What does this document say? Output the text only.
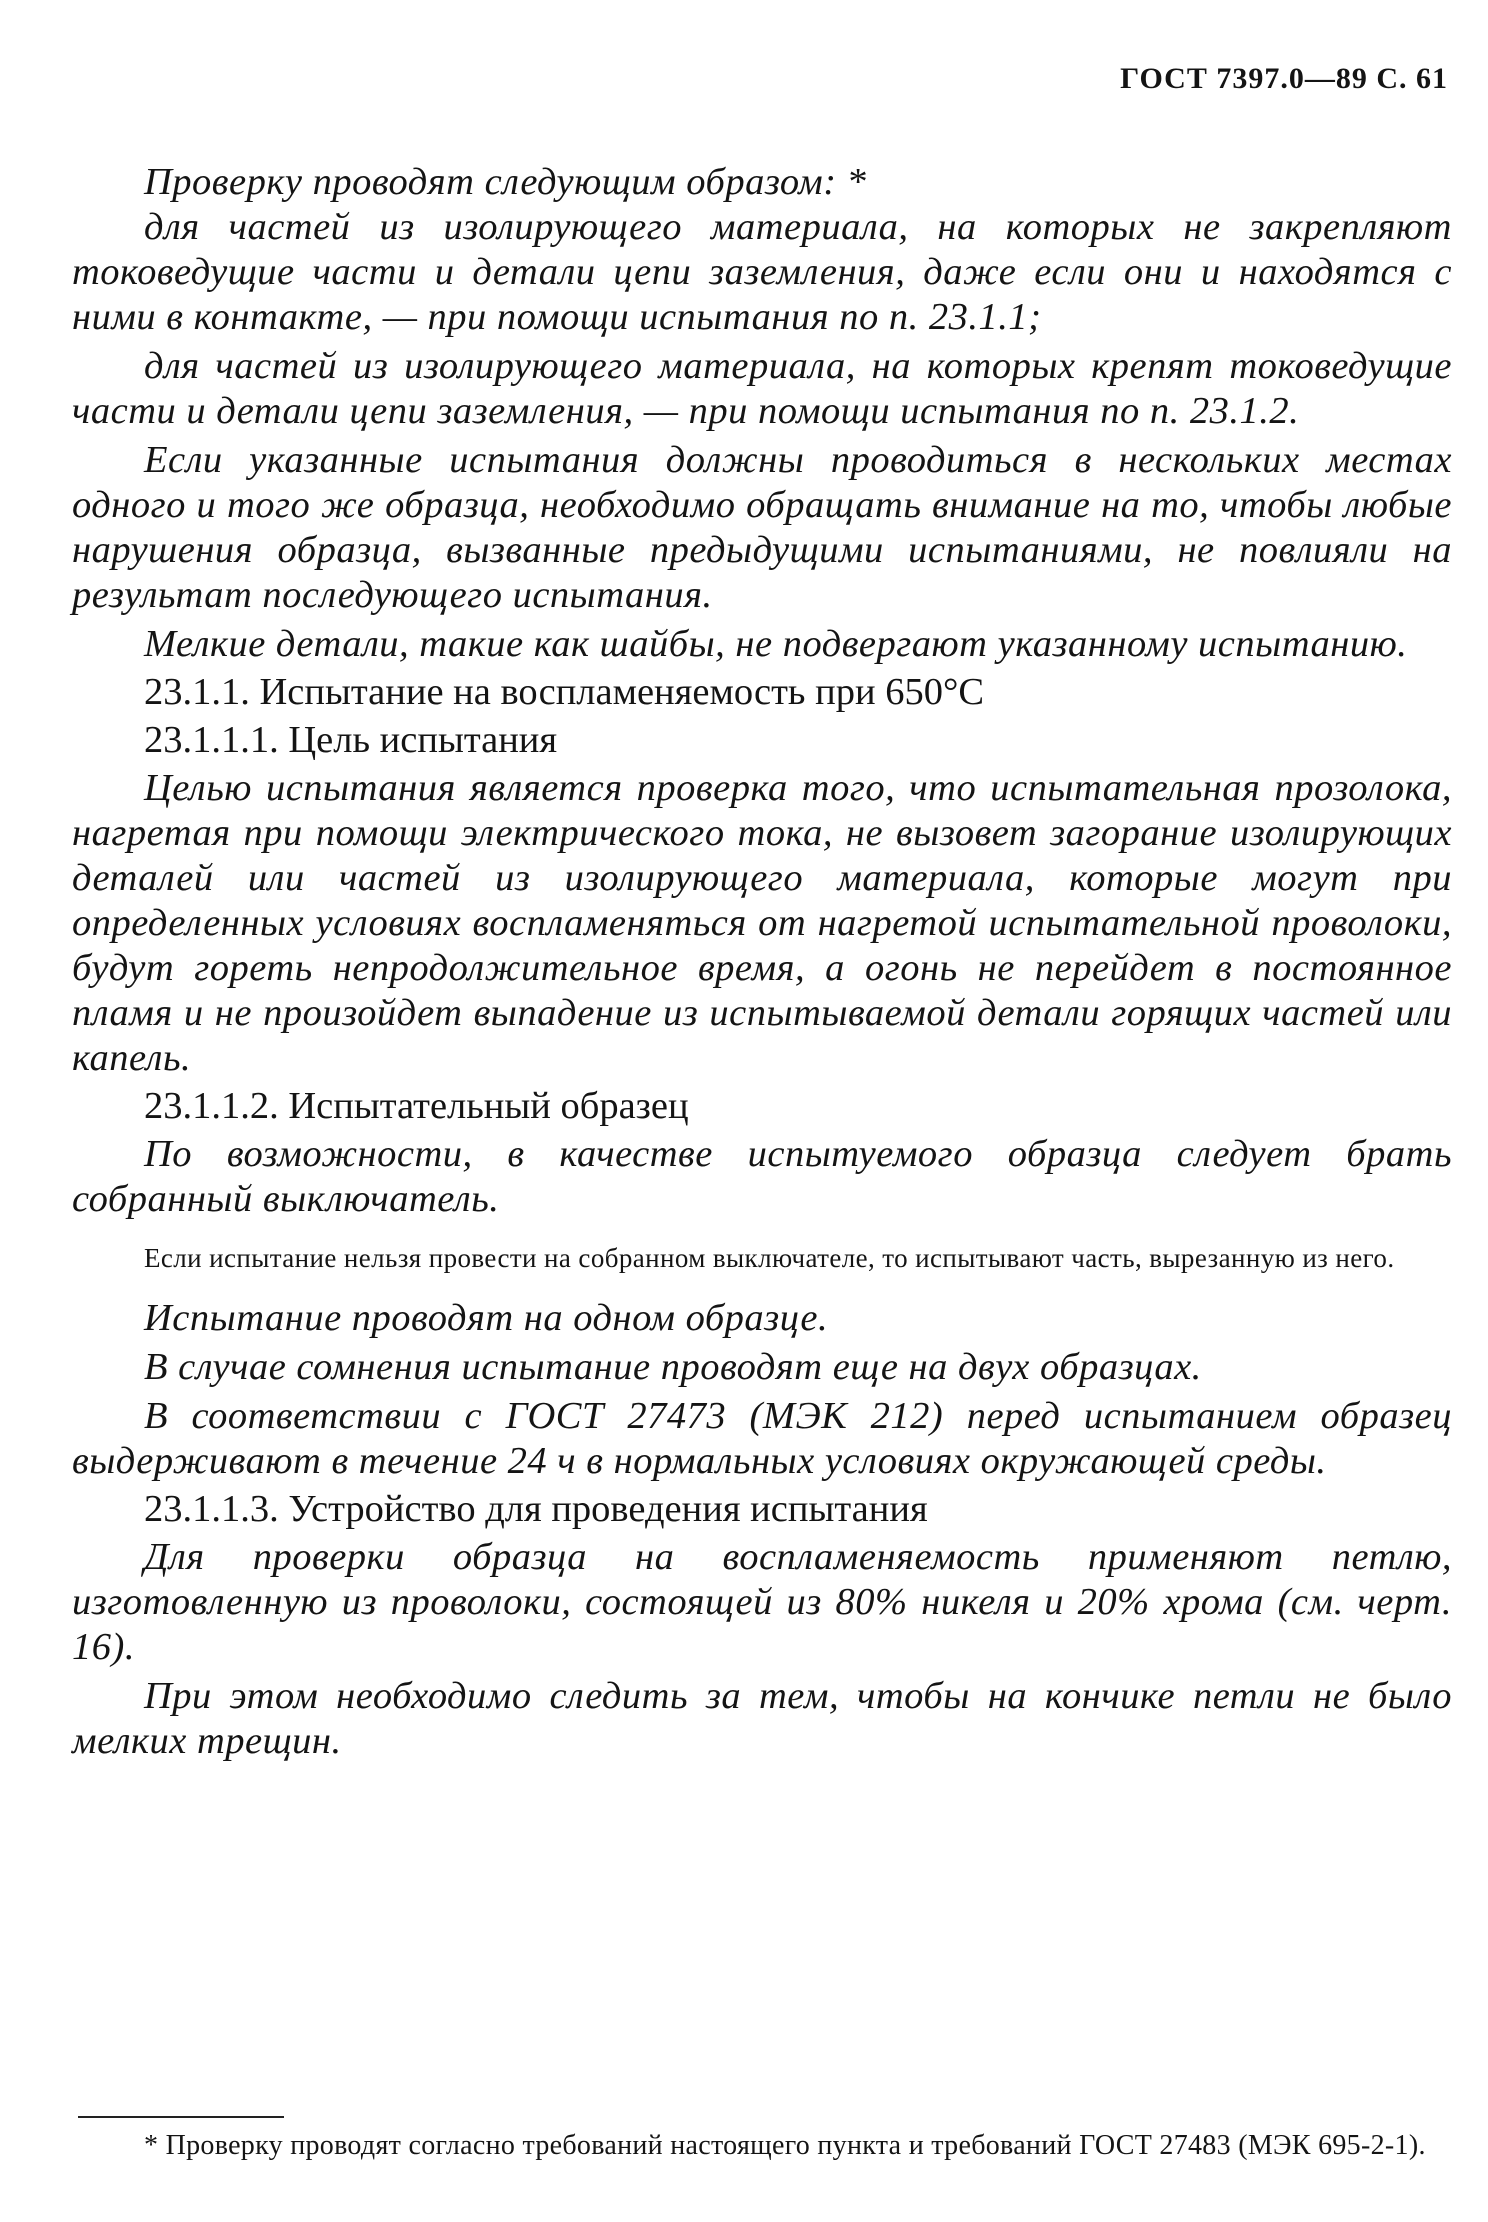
ГОСТ 7397.0—89 С. 61

Проверку проводят следующим образом: *

для частей из изолирующего материала, на которых не закрепляют токоведущие части и детали цепи заземления, даже если они и находятся с ними в контакте, — при помощи испытания по п. 23.1.1;

для частей из изолирующего материала, на которых крепят токоведущие части и детали цепи заземления, — при помощи испытания по п. 23.1.2.

Если указанные испытания должны проводиться в нескольких местах одного и того же образца, необходимо обращать внимание на то, чтобы любые нарушения образца, вызванные предыдущими испытаниями, не повлияли на результат последующего испытания.

Мелкие детали, такие как шайбы, не подвергают указанному испытанию.

23.1.1. Испытание на воспламеняемость при 650°С

23.1.1.1. Цель испытания

Целью испытания является проверка того, что испытательная прозолока, нагретая при помощи электрического тока, не вызовет загорание изолирующих деталей или частей из изолирующего материала, которые могут при определенных условиях воспламеняться от нагретой испытательной проволоки, будут гореть непродолжительное время, а огонь не перейдет в постоянное пламя и не произойдет выпадение из испытываемой детали горящих частей или капель.

23.1.1.2. Испытательный образец

По возможности, в качестве испытуемого образца следует брать собранный выключатель.

Если испытание нельзя провести на собранном выключателе, то испытывают часть, вырезанную из него.

Испытание проводят на одном образце.

В случае сомнения испытание проводят еще на двух образцах.

В соответствии с ГОСТ 27473 (МЭК 212) перед испытанием образец выдерживают в течение 24 ч в нормальных условиях окружающей среды.

23.1.1.3. Устройство для проведения испытания

Для проверки образца на воспламеняемость применяют петлю, изготовленную из проволоки, состоящей из 80% никеля и 20% хрома (см. черт. 16).

При этом необходимо следить за тем, чтобы на кончике петли не было мелких трещин.

* Проверку проводят согласно требований настоящего пункта и требований ГОСТ 27483 (МЭК 695-2-1).
